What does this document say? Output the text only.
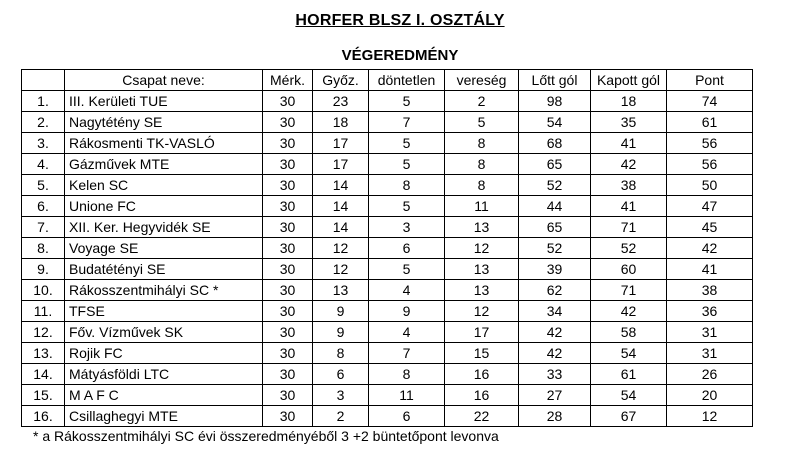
HORFER BLSZ I. OSZTÁLY
VÉGEREDMÉNY
	Csapat neve:	Mérk.	Győz.	döntetlen	vereség	Lőtt gól	Kapott gól	Pont
1.	III. Kerületi TUE	30	23	5	2	98	18	74
2.	Nagytétény SE	30	18	7	5	54	35	61
3.	Rákosmenti TK-VASLÓ	30	17	5	8	68	41	56
4.	Gázművek MTE	30	17	5	8	65	42	56
5.	Kelen SC	30	14	8	8	52	38	50
6.	Unione FC	30	14	5	11	44	41	47
7.	XII. Ker. Hegyvidék SE	30	14	3	13	65	71	45
8.	Voyage SE	30	12	6	12	52	52	42
9.	Budatétényi SE	30	12	5	13	39	60	41
10.	Rákosszentmihályi SC *	30	13	4	13	62	71	38
11.	TFSE	30	9	9	12	34	42	36
12.	Főv. Vízművek SK	30	9	4	17	42	58	31
13.	Rojik FC	30	8	7	15	42	54	31
14.	Mátyásföldi LTC	30	6	8	16	33	61	26
15.	M A F C	30	3	11	16	27	54	20
16.	Csillaghegyi MTE	30	2	6	22	28	67	12
* a Rákosszentmihályi SC évi összeredményéből 3 +2 büntetőpont levonva
